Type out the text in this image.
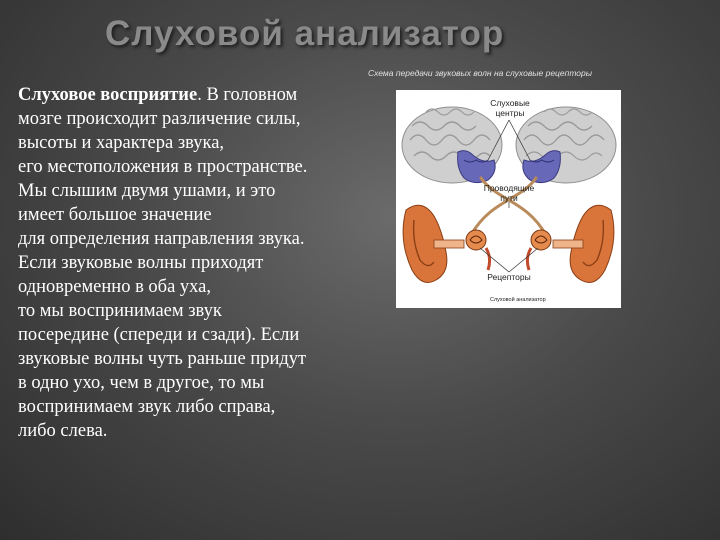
Слуховой анализатор
Схема передачи звуковых волн на слуховые рецепторы
Слуховое восприятие. В головном
мозге происходит различение силы,
высоты и характера звука,
его местоположения в пространстве.
Мы слышим двумя ушами, и это
имеет большое значение
для определения направления звука.
Если звуковые волны приходят
одновременно в оба уха,
то мы воспринимаем звук
посередине (спереди и сзади). Если
звуковые волны чуть раньше придут
в одно ухо, чем в другое, то мы
воспринимаем звук либо справа,
либо слева.
Слуховые
центры
Проводящие
пути
Рецепторы
Слуховой анализатор
